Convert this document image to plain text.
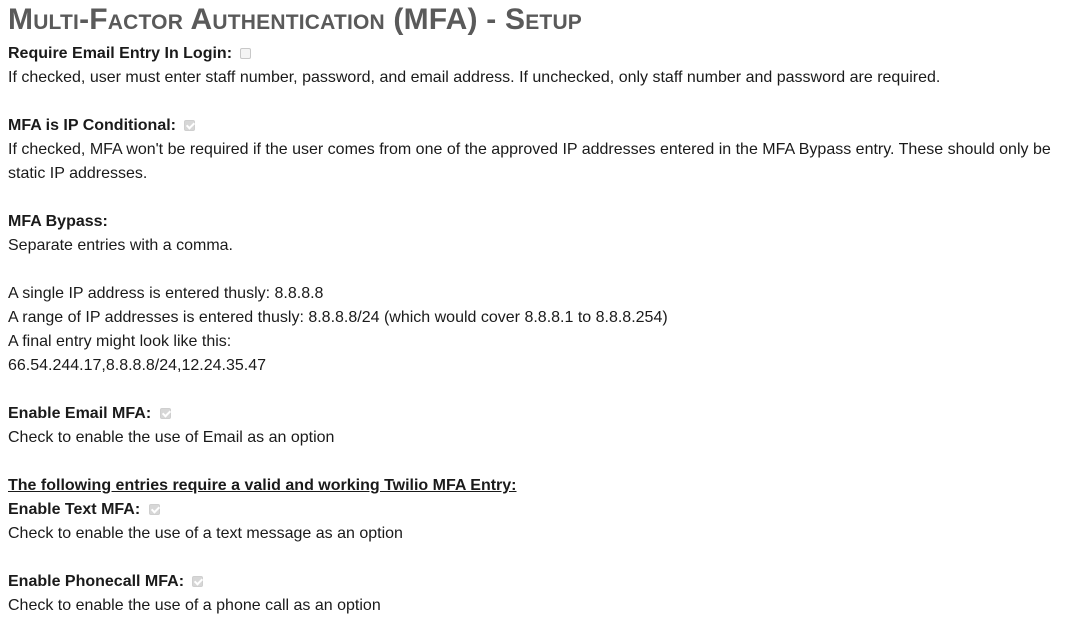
Multi-Factor Authentication (MFA) - Setup
Require Email Entry In Login:
If checked, user must enter staff number, password, and email address. If unchecked, only staff number and password are required.
MFA is IP Conditional:
If checked, MFA won't be required if the user comes from one of the approved IP addresses entered in the MFA Bypass entry. These should only be static IP addresses.
MFA Bypass:
Separate entries with a comma.
A single IP address is entered thusly: 8.8.8.8
A range of IP addresses is entered thusly: 8.8.8.8/24 (which would cover 8.8.8.1 to 8.8.8.254)
A final entry might look like this:
66.54.244.17,8.8.8.8/24,12.24.35.47
Enable Email MFA:
Check to enable the use of Email as an option
The following entries require a valid and working Twilio MFA Entry:
Enable Text MFA:
Check to enable the use of a text message as an option
Enable Phonecall MFA:
Check to enable the use of a phone call as an option
